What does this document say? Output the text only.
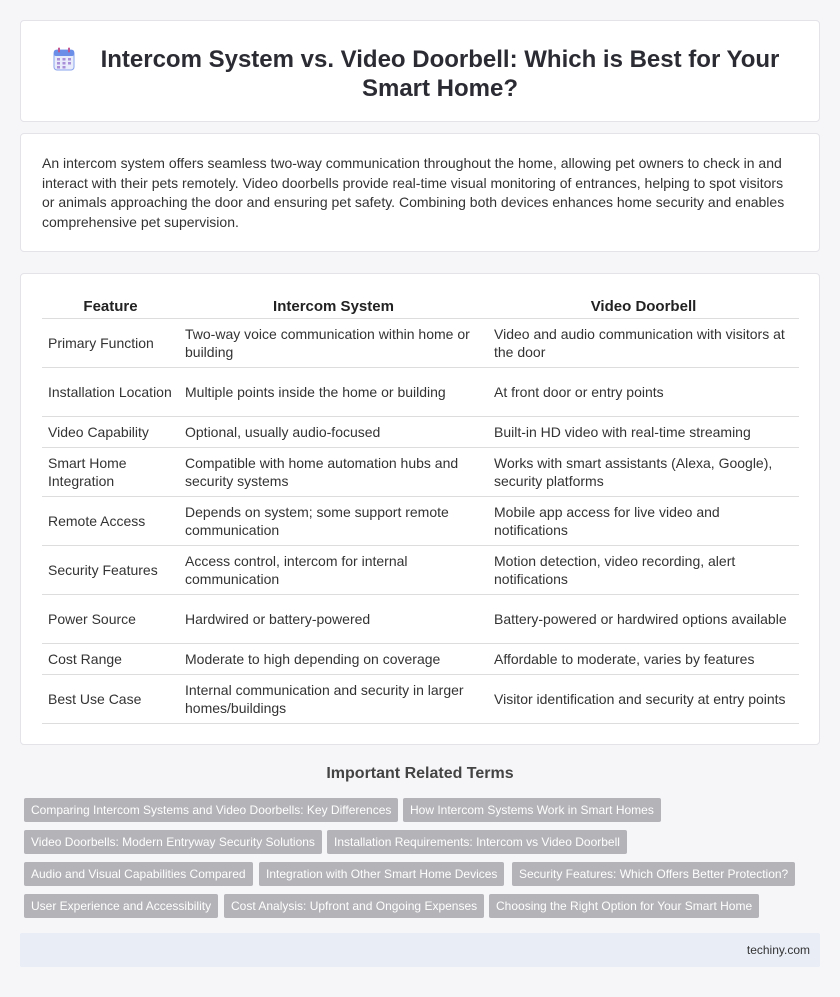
Intercom System vs. Video Doorbell: Which is Best for Your Smart Home?

An intercom system offers seamless two-way communication throughout the home, allowing pet owners to check in and interact with their pets remotely. Video doorbells provide real-time visual monitoring of entrances, helping to spot visitors or animals approaching the door and ensuring pet safety. Combining both devices enhances home security and enables comprehensive pet supervision.

Feature	Intercom System	Video Doorbell
Primary Function	Two-way voice communication within home or building	Video and audio communication with visitors at the door
Installation Location	Multiple points inside the home or building	At front door or entry points
Video Capability	Optional, usually audio-focused	Built-in HD video with real-time streaming
Smart Home Integration	Compatible with home automation hubs and security systems	Works with smart assistants (Alexa, Google), security platforms
Remote Access	Depends on system; some support remote communication	Mobile app access for live video and notifications
Security Features	Access control, intercom for internal communication	Motion detection, video recording, alert notifications
Power Source	Hardwired or battery-powered	Battery-powered or hardwired options available
Cost Range	Moderate to high depending on coverage	Affordable to moderate, varies by features
Best Use Case	Internal communication and security in larger homes/buildings	Visitor identification and security at entry points
Important Related Terms
Comparing Intercom Systems and Video Doorbells: Key Differences	How Intercom Systems Work in Smart Homes
Video Doorbells: Modern Entryway Security Solutions	Installation Requirements: Intercom vs Video Doorbell
Audio and Visual Capabilities Compared	Integration with Other Smart Home Devices	Security Features: Which Offers Better Protection?
User Experience and Accessibility	Cost Analysis: Upfront and Ongoing Expenses	Choosing the Right Option for Your Smart Home
techiny.com
